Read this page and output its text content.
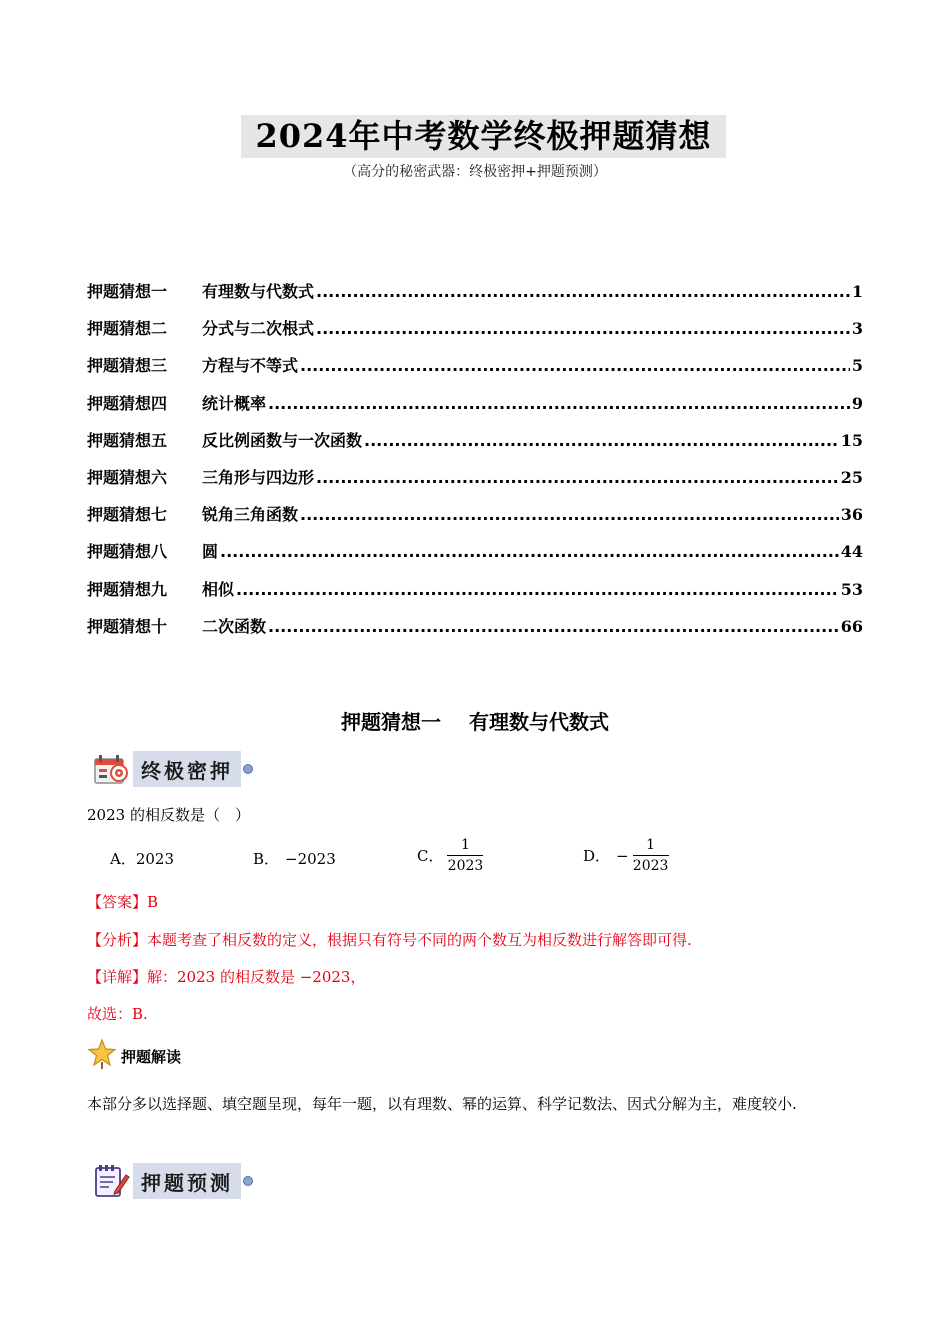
2024年中考数学终极押题猜想
（高分的秘密武器：终极密押+押题预测）
押题猜想一	有理数与代数式 .....	1
押题猜想二	分式与二次根式 .....	3
押题猜想三	方程与不等式 .....	5
押题猜想四	统计概率 .....	9
押题猜想五	反比例函数与一次函数 .....	15
押题猜想六	三角形与四边形 .....	25
押题猜想七	锐角三角函数 .....	36
押题猜想八	圆 .....	44
押题猜想九	相似 .....	53
押题猜想十	二次函数 .....	66
押题猜想一 有理数与代数式
终极密押
2023 的相反数是（　）
A． 2023	B． −2023	C． $\frac{1}{2023}$	D． − $\frac{1}{2023}$
【答案】B
【分析】本题考查了相反数的定义，根据只有符号不同的两个数互为相反数进行解答即可得.
【详解】解：2023 的相反数是 −2023，
故选：B.
押题解读
本部分多以选择题、填空题呈现，每年一题，以有理数、幂的运算、科学记数法、因式分解为主，难度较小.
押题预测
